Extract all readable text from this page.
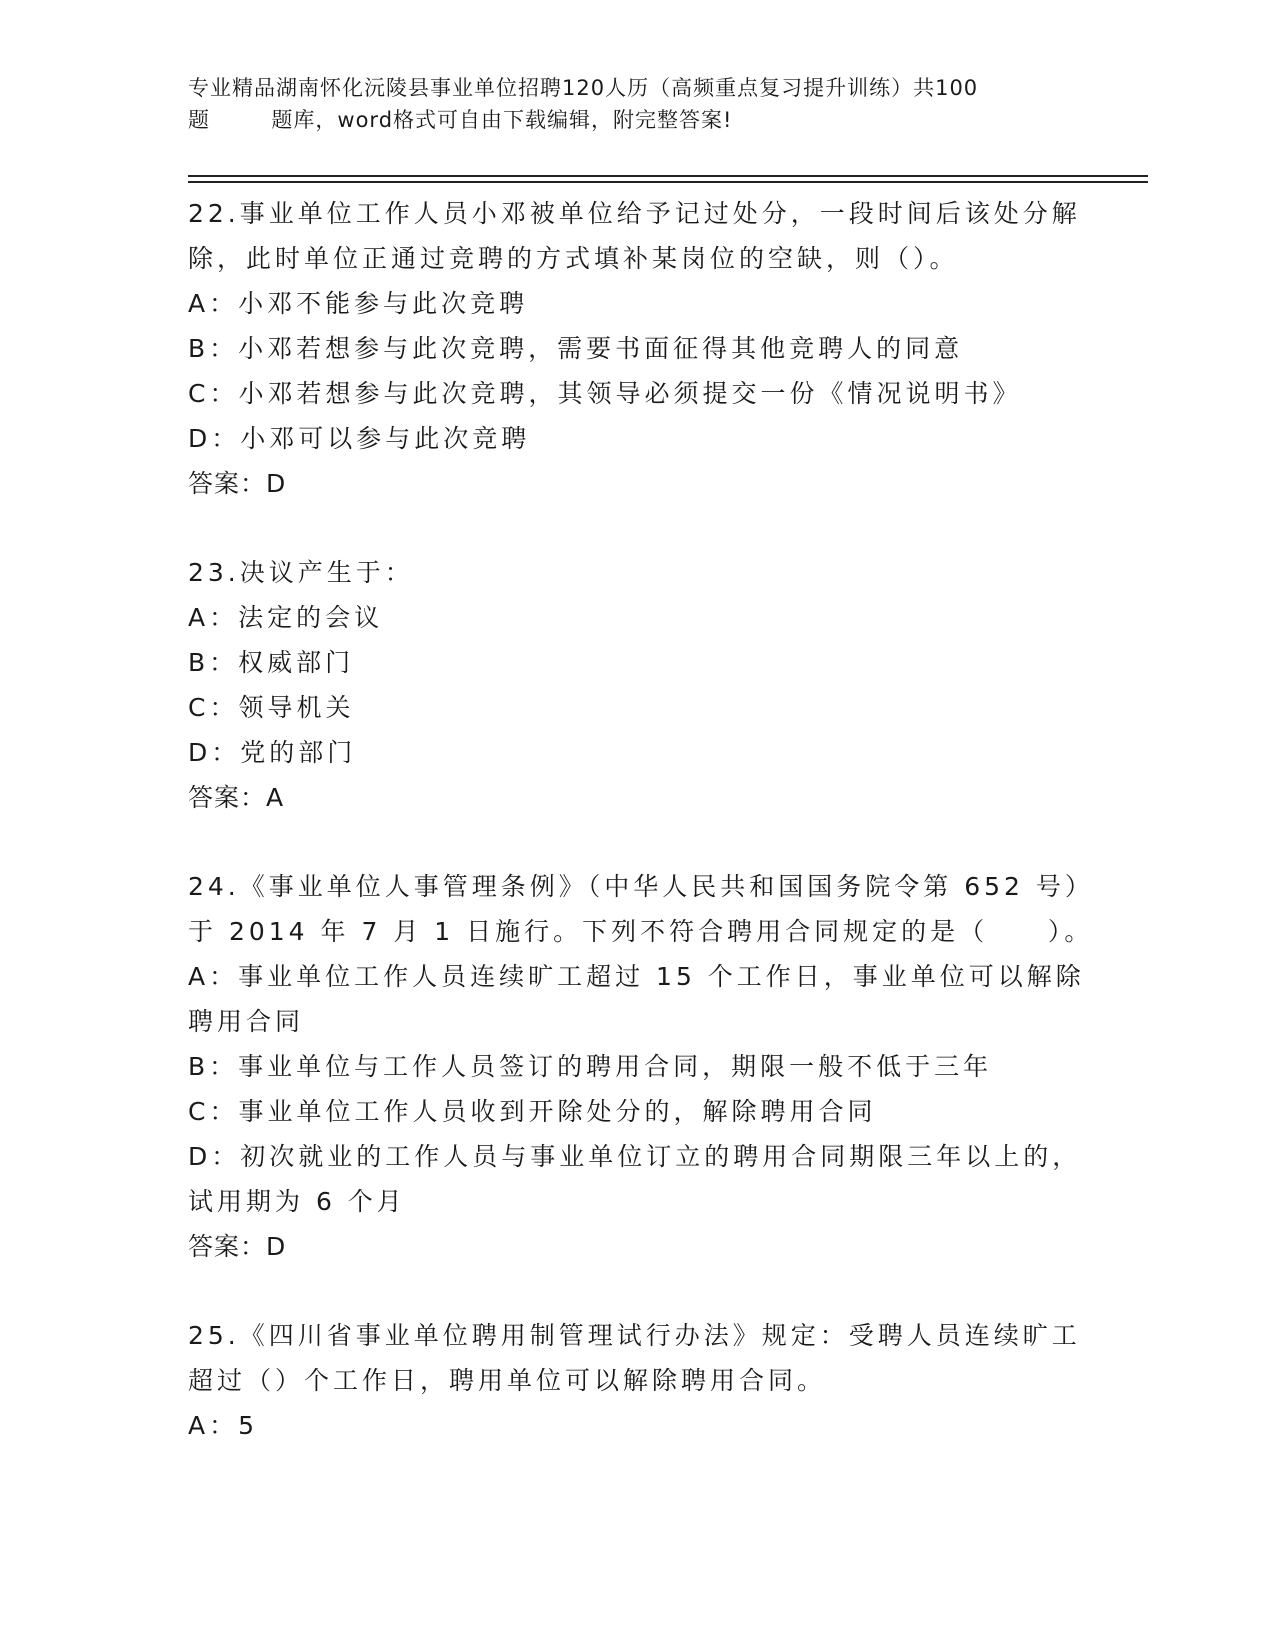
专业精品湖南怀化沅陵县事业单位招聘120人历（高频重点复习提升训练）共100
题        题库，word格式可自由下载编辑，附完整答案!
22.事业单位工作人员小邓被单位给予记过处分，一段时间后该处分解
除，此时单位正通过竞聘的方式填补某岗位的空缺，则（）。
A：小邓不能参与此次竞聘
B：小邓若想参与此次竞聘，需要书面征得其他竞聘人的同意
C：小邓若想参与此次竞聘，其领导必须提交一份《情况说明书》
D：小邓可以参与此次竞聘
答案：D
23.决议产生于：
A：法定的会议
B：权威部门
C：领导机关
D：党的部门
答案：A
24.《事业单位人事管理条例》（中华人民共和国国务院令第 652 号）
于 2014 年 7 月 1 日施行。下列不符合聘用合同规定的是（     ）。
A：事业单位工作人员连续旷工超过 15 个工作日，事业单位可以解除
聘用合同
B：事业单位与工作人员签订的聘用合同，期限一般不低于三年
C：事业单位工作人员收到开除处分的，解除聘用合同
D：初次就业的工作人员与事业单位订立的聘用合同期限三年以上的，
试用期为 6 个月
答案：D
25.《四川省事业单位聘用制管理试行办法》规定：受聘人员连续旷工
超过（）个工作日，聘用单位可以解除聘用合同。
A：5
